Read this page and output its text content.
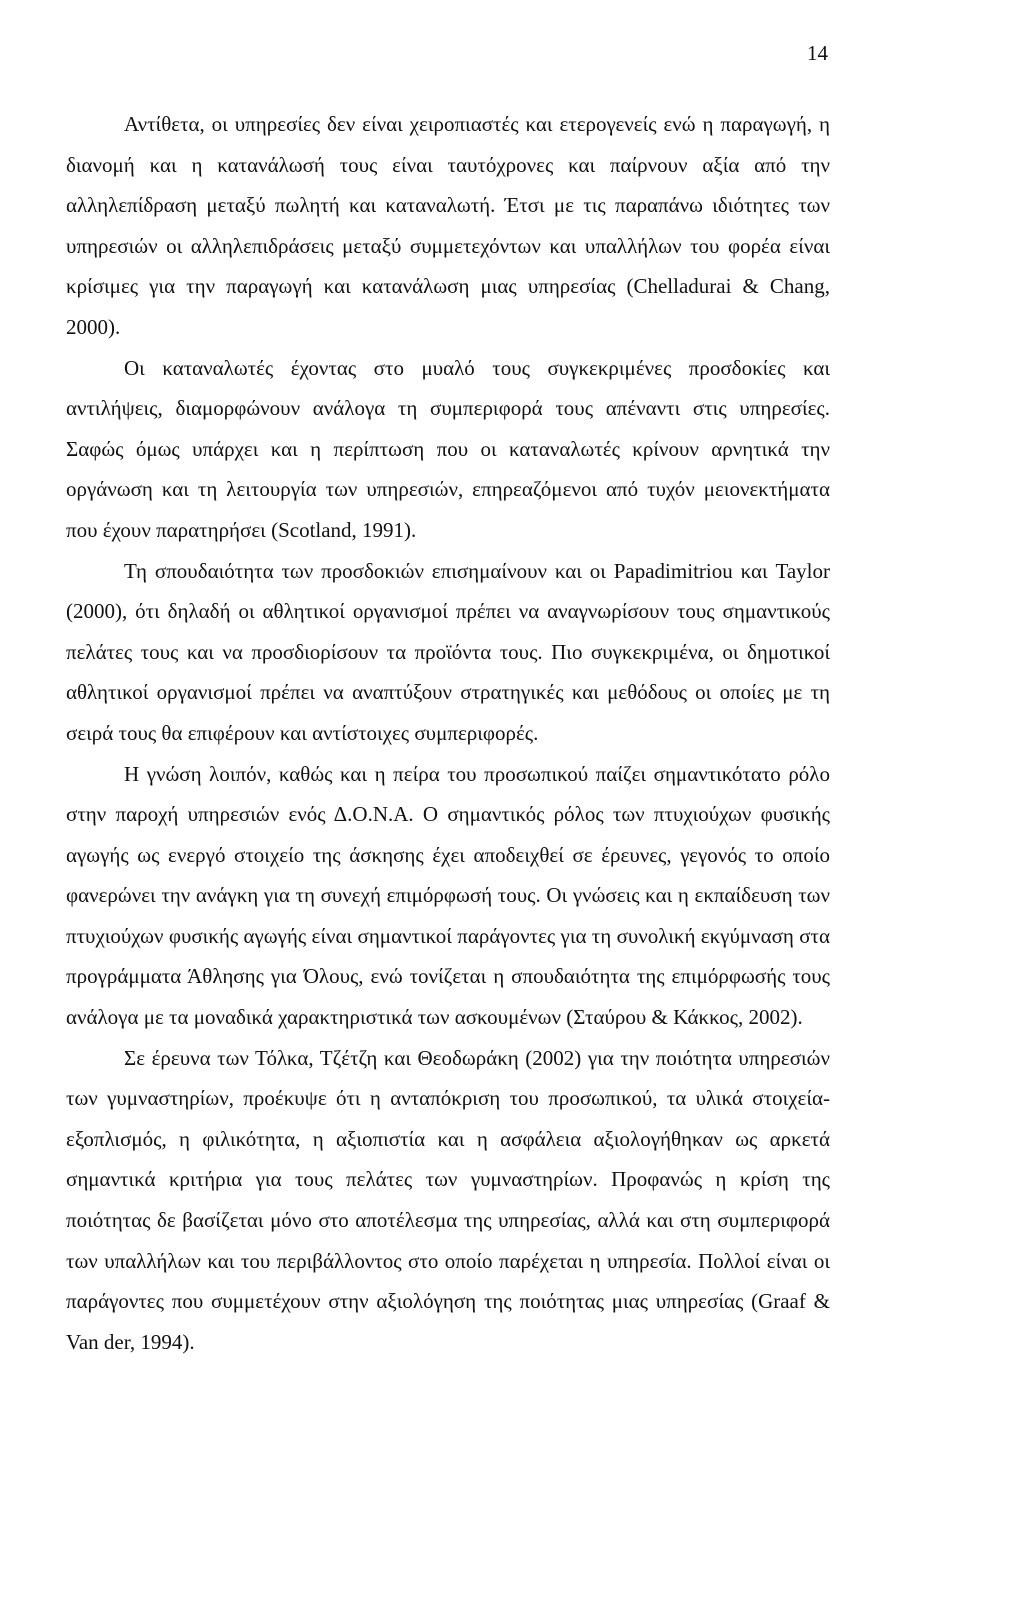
14

Αντίθετα, οι υπηρεσίες δεν είναι χειροπιαστές και ετερογενείς ενώ η παραγωγή, η διανομή και η κατανάλωσή τους είναι ταυτόχρονες και παίρνουν αξία από την αλληλεπίδραση μεταξύ πωλητή και καταναλωτή. Έτσι με τις παραπάνω ιδιότητες των υπηρεσιών οι αλληλεπιδράσεις μεταξύ συμμετεχόντων και υπαλλήλων του φορέα είναι κρίσιμες για την παραγωγή και κατανάλωση μιας υπηρεσίας (Chelladurai & Chang, 2000).

Οι καταναλωτές έχοντας στο μυαλό τους συγκεκριμένες προσδοκίες και αντιλήψεις, διαμορφώνουν ανάλογα τη συμπεριφορά τους απέναντι στις υπηρεσίες. Σαφώς όμως υπάρχει και η περίπτωση που οι καταναλωτές κρίνουν αρνητικά την οργάνωση και τη λειτουργία των υπηρεσιών, επηρεαζόμενοι από τυχόν μειονεκτήματα που έχουν παρατηρήσει (Scotland, 1991).

Τη σπουδαιότητα των προσδοκιών επισημαίνουν και οι Papadimitriou και Taylor (2000), ότι δηλαδή οι αθλητικοί οργανισμοί πρέπει να αναγνωρίσουν τους σημαντικούς πελάτες τους και να προσδιορίσουν τα προϊόντα τους. Πιο συγκεκριμένα, οι δημοτικοί αθλητικοί οργανισμοί πρέπει να αναπτύξουν στρατηγικές και μεθόδους οι οποίες με τη σειρά τους θα επιφέρουν και αντίστοιχες συμπεριφορές.

Η γνώση λοιπόν, καθώς και η πείρα του προσωπικού παίζει σημαντικότατο ρόλο στην παροχή υπηρεσιών ενός Δ.Ο.Ν.Α. Ο σημαντικός ρόλος των πτυχιούχων φυσικής αγωγής ως ενεργό στοιχείο της άσκησης έχει αποδειχθεί σε έρευνες, γεγονός το οποίο φανερώνει την ανάγκη για τη συνεχή επιμόρφωσή τους. Οι γνώσεις και η εκπαίδευση των πτυχιούχων φυσικής αγωγής είναι σημαντικοί παράγοντες για τη συνολική εκγύμναση στα προγράμματα Άθλησης για Όλους, ενώ τονίζεται η σπουδαιότητα της επιμόρφωσής τους ανάλογα με τα μοναδικά χαρακτηριστικά των ασκουμένων (Σταύρου & Κάκκος, 2002).

Σε έρευνα των Τόλκα, Τζέτζη και Θεοδωράκη (2002) για την ποιότητα υπηρεσιών των γυμναστηρίων, προέκυψε ότι η ανταπόκριση του προσωπικού, τα υλικά στοιχεία-εξοπλισμός, η φιλικότητα, η αξιοπιστία και η ασφάλεια αξιολογήθηκαν ως αρκετά σημαντικά κριτήρια για τους πελάτες των γυμναστηρίων. Προφανώς η κρίση της ποιότητας δε βασίζεται μόνο στο αποτέλεσμα της υπηρεσίας, αλλά και στη συμπεριφορά των υπαλλήλων και του περιβάλλοντος στο οποίο παρέχεται η υπηρεσία. Πολλοί είναι οι παράγοντες που συμμετέχουν στην αξιολόγηση της ποιότητας μιας υπηρεσίας (Graaf & Van der, 1994).
